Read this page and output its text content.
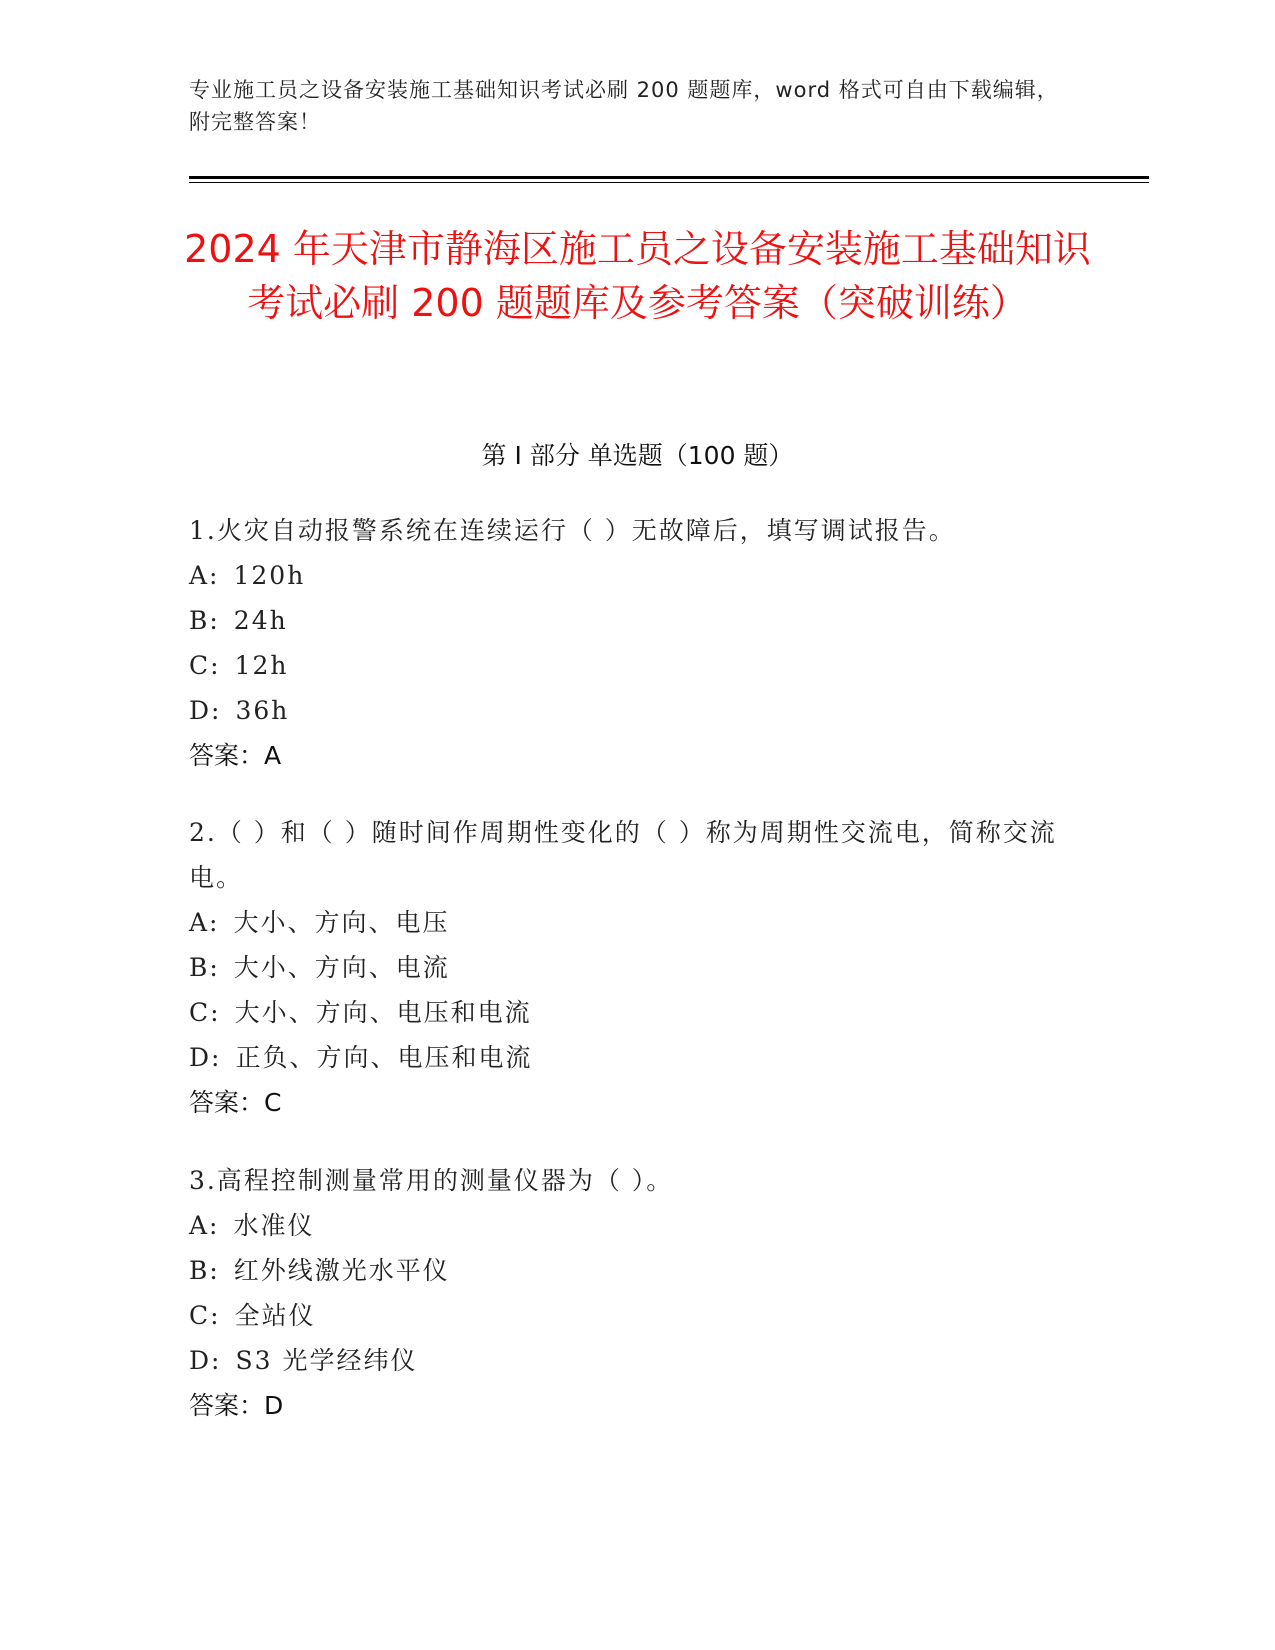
专业施工员之设备安装施工基础知识考试必刷 200 题题库，word 格式可自由下载编辑，附完整答案！
2024 年天津市静海区施工员之设备安装施工基础知识考试必刷 200 题题库及参考答案（突破训练）
第 I 部分 单选题（100 题）
1.火灾自动报警系统在连续运行（ ）无故障后，填写调试报告。
A: 120h
B: 24h
C: 12h
D: 36h
答案：A
2.（ ）和（ ）随时间作周期性变化的（ ）称为周期性交流电，简称交流电。
A: 大小、方向、电压
B: 大小、方向、电流
C: 大小、方向、电压和电流
D: 正负、方向、电压和电流
答案：C
3.高程控制测量常用的测量仪器为（ ）。
A: 水准仪
B: 红外线激光水平仪
C: 全站仪
D: S3 光学经纬仪
答案：D
